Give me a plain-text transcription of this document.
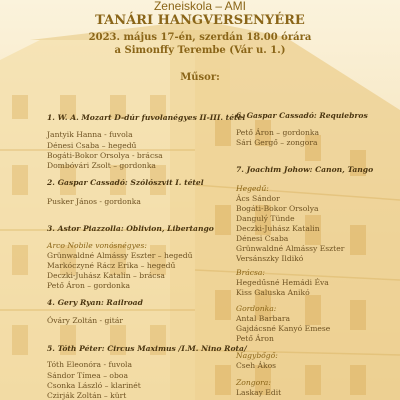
Zeneiskola – AMI
TANÁRI HANGVERSENYÉRE
2023. május 17-én, szerdán 18.00 órára
a Simonffy Terembe (Vár u. 1.)
Műsor:
1. W. A. Mozart D-dúr fuvolanégyes II-III. tétel
Jantyik Hanna - fuvola
Dénesi Csaba – hegedű
Bogáti-Bokor Orsolya - brácsa
Dombóvári Zsolt – gordonka
2. Gaspar Cassadó: Szólószvit I. tétel
Pusker János - gordonka
3. Astor Piazzolla: Oblivion, Libertango
Arco Nobile vonósnégyes:
Grünwaldné Almássy Eszter – hegedű
Markóczyné Rácz Erika – hegedű
Deczki-Juhász Katalin – brácsa
Pető Áron – gordonka
4. Gery Ryan: Railroad
Óváry Zoltán - gitár
5. Tóth Péter: Circus Maximus /I.M. Nino Rota/
Tóth Eleonóra - fuvola
Sándor Tímea – oboa
Csonka László – klarinét
Czirják Zoltán – kürt
6. Gaspar Cassadó: Requiebros
Pető Áron – gordonka
Sári Gergő – zongora
7. Joachim Johow: Canon, Tango
Hegedű:
Ács Sándor
Bogáti-Bokor Orsolya
Dangulý Tünde
Deczki-Juhász Katalin
Dénesi Csaba
Grünwaldné Almássy Eszter
Versánszky Ildikó
Brácsa:
Hegedűsné Hemádi Éva
Kiss Galuska Anikó
Gordonka:
Antal Barbara
Gajdácsné Kanyó Emese
Pető Áron
Nagybőgő:
Cseh Ákos
Zongora:
Laskay Edit
